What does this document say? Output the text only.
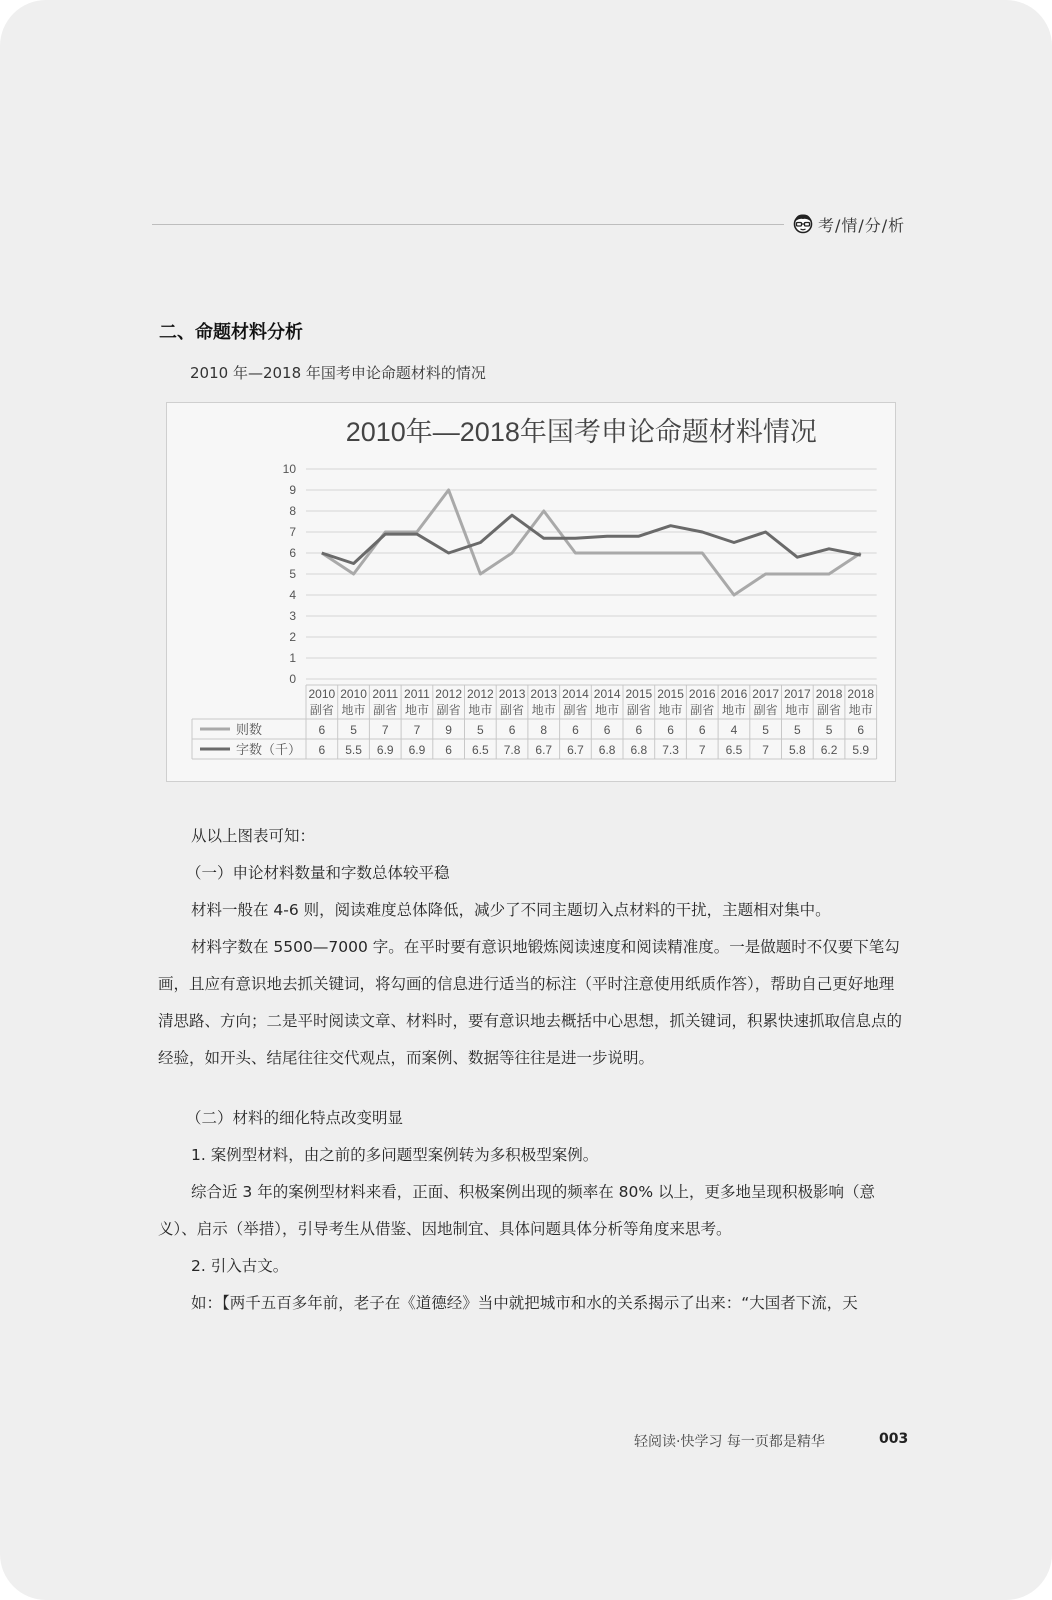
考/情/分/析
二、命题材料分析
2010 年—2018 年国考申论命题材料的情况
2010年—2018年国考申论命题材料情况
0
1
2
3
4
5
6
7
8
9
10
2010
副省
2010
地市
2011
副省
2011
地市
2012
副省
2012
地市
2013
副省
2013
地市
2014
副省
2014
地市
2015
副省
2015
地市
2016
副省
2016
地市
2017
副省
2017
地市
2018
副省
2018
地市
则数	6 5 7 7 9 5 6 8 6 6 6 6 6 4 5 5 5 6
字数（千） 6 5.5 6.9 6.9 6 6.5 7.8 6.7 6.7 6.8 6.8 7.3 7 6.5 7 5.8 6.2 5.9

从以上图表可知：

（一）申论材料数量和字数总体较平稳

材料一般在 4-6 则，阅读难度总体降低，减少了不同主题切入点材料的干扰，主题相对集中。

材料字数在 5500—7000 字。在平时要有意识地锻炼阅读速度和阅读精准度。一是做题时不仅要下笔勾画，且应有意识地去抓关键词，将勾画的信息进行适当的标注（平时注意使用纸质作答），帮助自己更好地理清思路、方向；二是平时阅读文章、材料时，要有意识地去概括中心思想，抓关键词，积累快速抓取信息点的经验，如开头、结尾往往交代观点，而案例、数据等往往是进一步说明。

（二）材料的细化特点改变明显

1. 案例型材料，由之前的多问题型案例转为多积极型案例。

综合近 3 年的案例型材料来看，正面、积极案例出现的频率在 80% 以上，更多地呈现积极影响（意义）、启示（举措），引导考生从借鉴、因地制宜、具体问题具体分析等角度来思考。

2. 引入古文。

如：【两千五百多年前，老子在《道德经》当中就把城市和水的关系揭示了出来：“大国者下流，天

轻阅读·快学习 每一页都是精华	003
